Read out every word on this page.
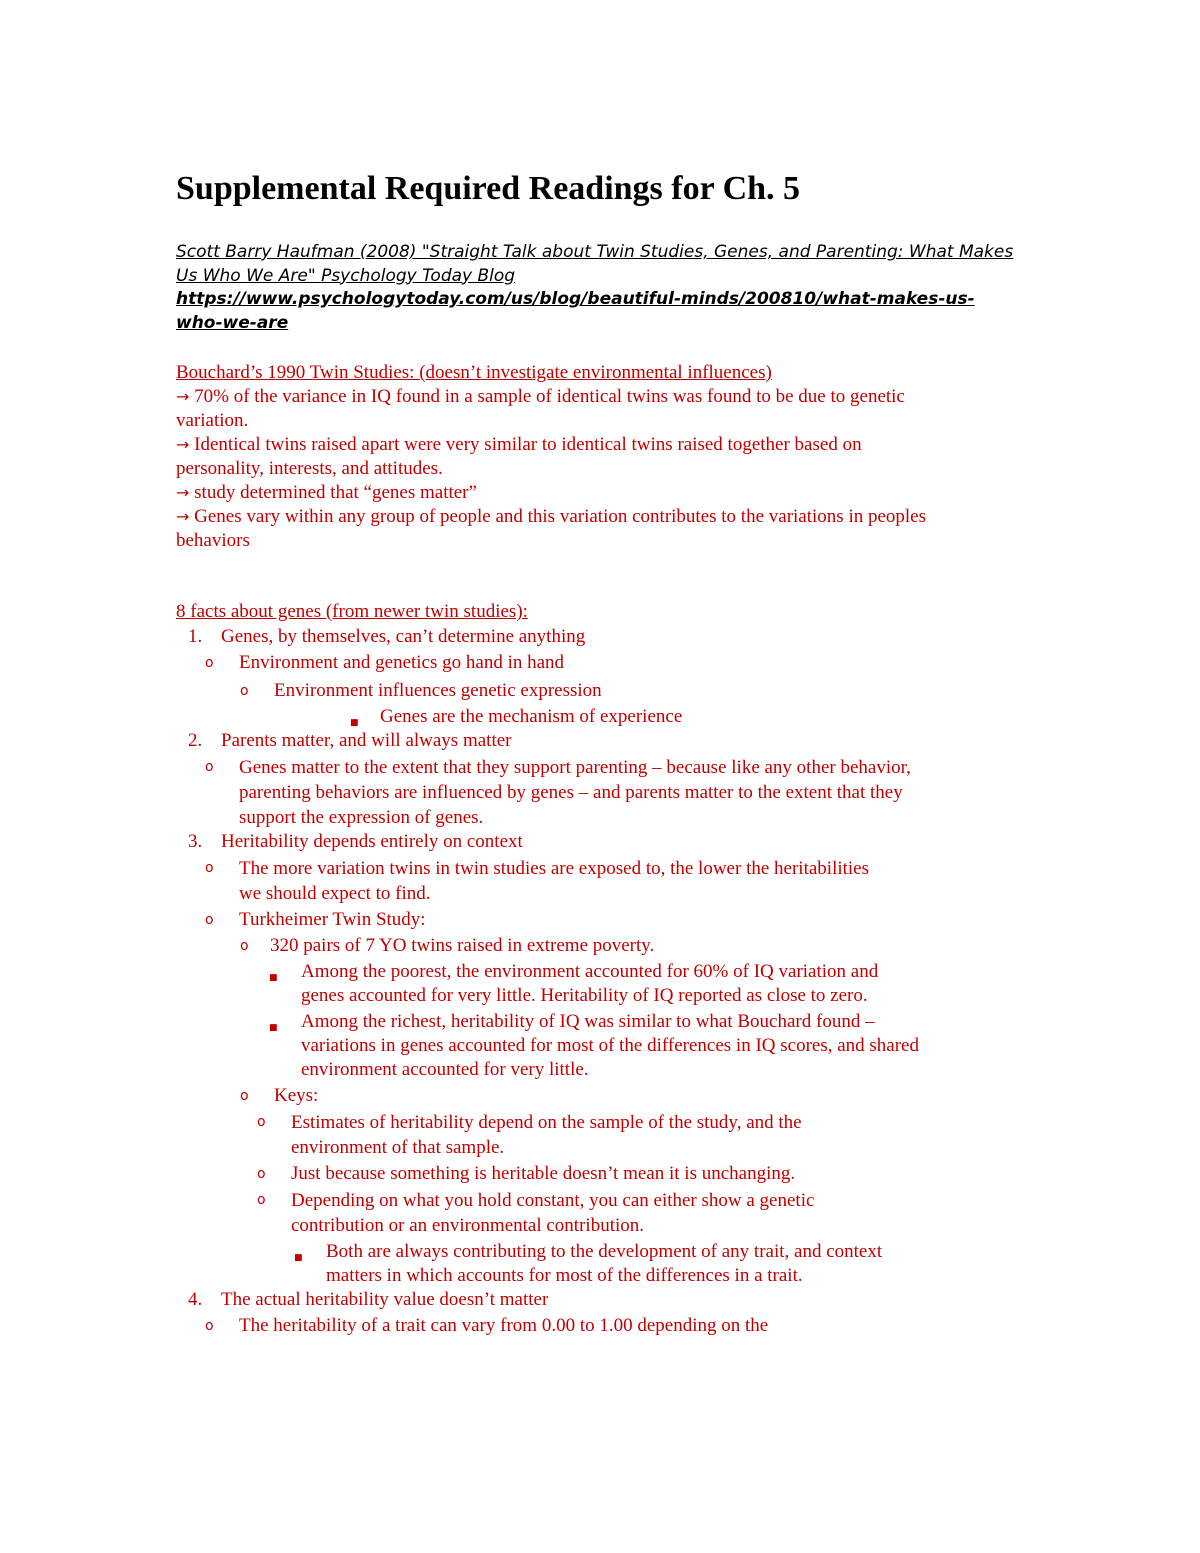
Supplemental Required Readings for Ch. 5
Scott Barry Haufman (2008) "Straight Talk about Twin Studies, Genes, and Parenting: What Makes Us Who We Are" Psychology Today Blog
https://www.psychologytoday.com/us/blog/beautiful-minds/200810/what-makes-us-who-we-are
Bouchard’s 1990 Twin Studies: (doesn’t investigate environmental influences)

→ 70% of the variance in IQ found in a sample of identical twins was found to be due to genetic variation.

→ Identical twins raised apart were very similar to identical twins raised together based on personality, interests, and attitudes.

→ study determined that “genes matter”

→ Genes vary within any group of people and this variation contributes to the variations in peoples behaviors

8 facts about genes (from newer twin studies):
1. Genes, by themselves, can’t determine anything
o Environment and genetics go hand in hand
o Environment influences genetic expression
■ Genes are the mechanism of experience
2. Parents matter, and will always matter
o Genes matter to the extent that they support parenting – because like any other behavior, parenting behaviors are influenced by genes – and parents matter to the extent that they support the expression of genes.
3. Heritability depends entirely on context
o The more variation twins in twin studies are exposed to, the lower the heritabilities we should expect to find.
o Turkheimer Twin Study:
o 320 pairs of 7 YO twins raised in extreme poverty.
■ Among the poorest, the environment accounted for 60% of IQ variation and genes accounted for very little. Heritability of IQ reported as close to zero.
■ Among the richest, heritability of IQ was similar to what Bouchard found – variations in genes accounted for most of the differences in IQ scores, and shared environment accounted for very little.
o Keys:
o Estimates of heritability depend on the sample of the study, and the environment of that sample.
o Just because something is heritable doesn’t mean it is unchanging.
o Depending on what you hold constant, you can either show a genetic contribution or an environmental contribution.
■ Both are always contributing to the development of any trait, and context matters in which accounts for most of the differences in a trait.
4. The actual heritability value doesn’t matter
o The heritability of a trait can vary from 0.00 to 1.00 depending on the
